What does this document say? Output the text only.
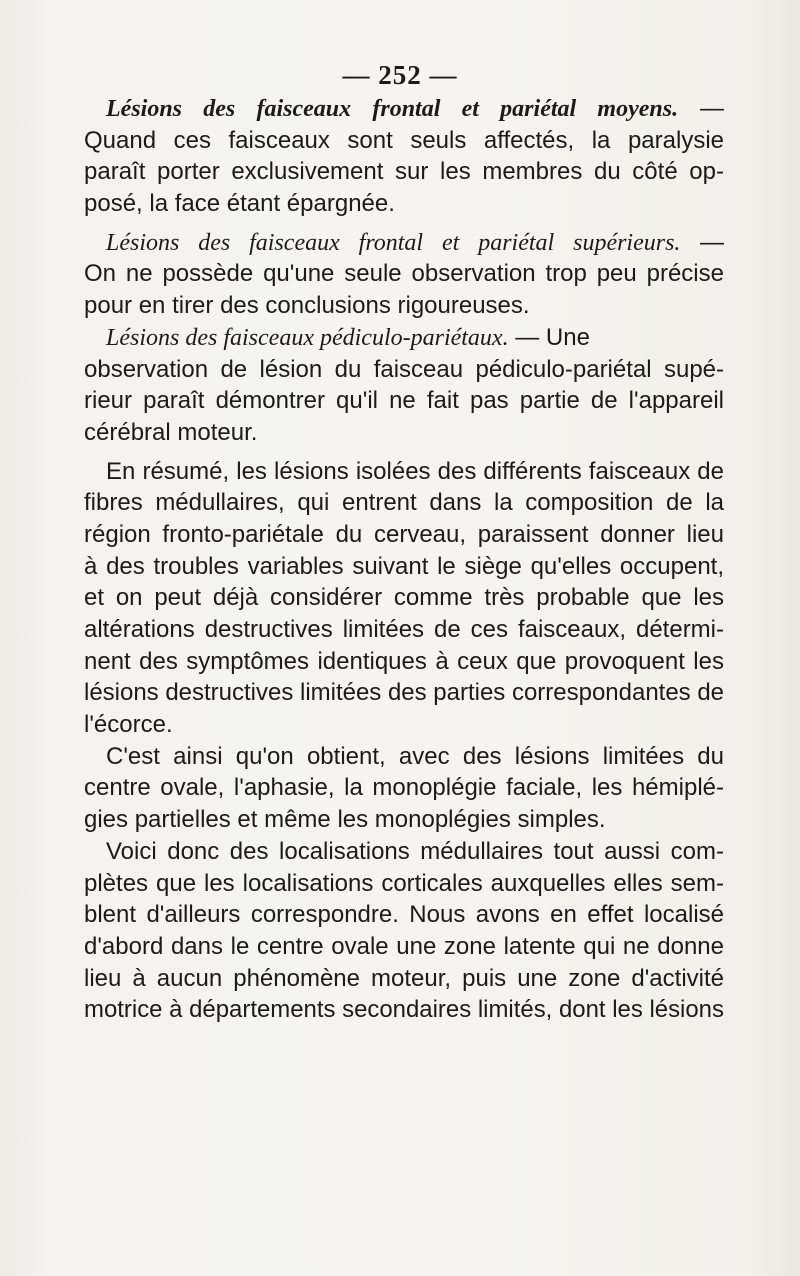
— 252 —
Lésions des faisceaux frontal et pariétal moyens. —
Quand ces faisceaux sont seuls affectés, la paralysie
paraît porter exclusivement sur les membres du côté op-
posé, la face étant épargnée.
Lésions des faisceaux frontal et pariétal supérieurs. —
On ne possède qu'une seule observation trop peu précise
pour en tirer des conclusions rigoureuses.
Lésions des faisceaux pédiculo-pariétaux. — Une
observation de lésion du faisceau pédiculo-pariétal supé-
rieur paraît démontrer qu'il ne fait pas partie de l'appareil
cérébral moteur.
En résumé, les lésions isolées des différents faisceaux de
fibres médullaires, qui entrent dans la composition de la
région fronto-pariétale du cerveau, paraissent donner lieu
à des troubles variables suivant le siège qu'elles occupent,
et on peut déjà considérer comme très probable que les
altérations destructives limitées de ces faisceaux, détermi-
nent des symptômes identiques à ceux que provoquent les
lésions destructives limitées des parties correspondantes de
l'écorce.
C'est ainsi qu'on obtient, avec des lésions limitées du
centre ovale, l'aphasie, la monoplégie faciale, les hémiplé-
gies partielles et même les monoplégies simples.
Voici donc des localisations médullaires tout aussi com-
plètes que les localisations corticales auxquelles elles sem-
blent d'ailleurs correspondre. Nous avons en effet localisé
d'abord dans le centre ovale une zone latente qui ne donne
lieu à aucun phénomène moteur, puis une zone d'activité
motrice à départements secondaires limités, dont les lésions
